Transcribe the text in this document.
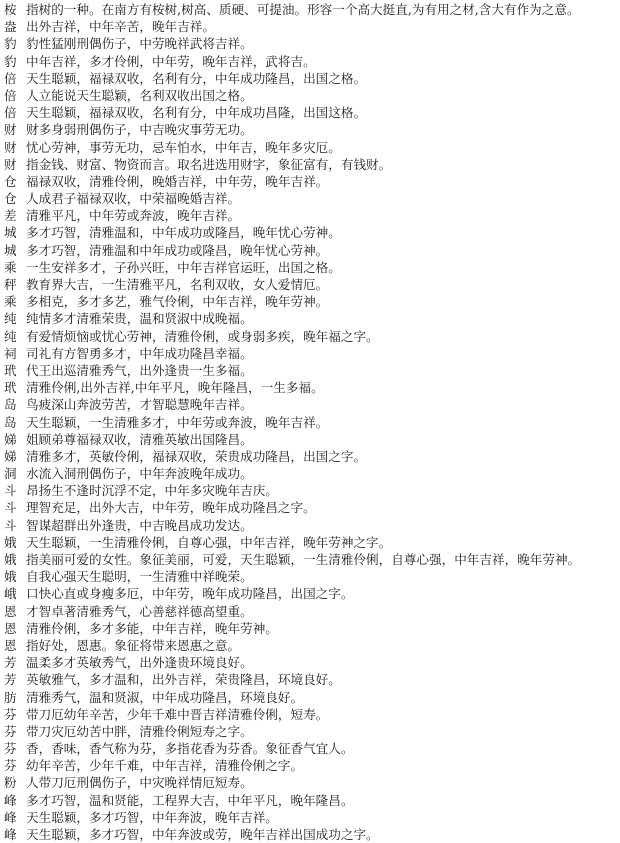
桉 指树的一种。在南方有桉树,树高、质硬、可提油。形容一个高大挺直,为有用之材,含大有作为之意。
盎 出外吉祥，中年辛苦，晚年吉祥。
豹 豹性猛刚刑偶伤子，中劳晚祥武将吉祥。
豹 中年吉祥，多才伶俐，中年劳，晚年吉祥，武将吉。
倍 天生聪颖，福禄双收，名利有分，中年成功隆昌，出国之格。
倍 人立能说天生聪颖，名利双收出国之格。
倍 天生聪颖，福禄双收，名利有分，中年成功昌隆，出国这格。
财 财多身弱刑偶伤子，中吉晚灾事劳无功。
财 忧心劳神，事劳无功，忌车怕水，中年吉，晚年多灾厄。
财 指金钱、财富、物资而言。取名进选用财字，象征富有，有钱财。
仓 福禄双收，清雅伶俐，晚婚吉祥，中年劳，晚年吉祥。
仓 人成君子福禄双收，中荣福晚婚吉祥。
差 清雅平凡，中年劳或奔波，晚年吉祥。
城 多才巧智，清雅温和，中年成功或隆昌，晚年忧心劳神。
城 多才巧智，清雅温和中年成功或隆昌，晚年忧心劳神。
乘 一生安祥多才，子孙兴旺，中年吉祥官运旺，出国之格。
秤 教育界大吉，一生清雅平凡，名利双收，女人爱情厄。
乘 多相克，多才多艺，雅气伶俐，中年吉祥，晚年劳神。
纯 纯情多才清雅荣贵，温和贤淑中成晚福。
纯 有爱情烦恼或忧心劳神，清雅伶俐，或身弱多疾，晚年福之字。
祠 司礼有方智勇多才，中年成功隆昌幸福。
玳 代王出巡清雅秀气，出外逢贵一生多福。
玳 清雅伶俐,出外吉祥,中年平凡，晚年隆昌，一生多福。
岛 鸟疲深山奔波劳苦，才智聪慧晚年吉祥。
岛 天生聪颖，一生清雅多才，中年劳或奔波，晚年吉祥。
娣 姐顾弟尊福禄双收，清雅英敏出国隆昌。
娣 清雅多才，英敏伶俐，福禄双收，荣贵成功隆昌，出国之字。
洞 水流入洞刑偶伤子，中年奔波晚年成功。
斗 昂扬生不逢时沉浮不定，中年多灾晚年吉庆。
斗 理智充足，出外大吉，中年劳，晚年成功隆昌之字。
斗 智谋超群出外逢贵，中吉晚昌成功发达。
娥 天生聪颖，一生清雅伶俐，自尊心强，中年吉祥，晚年劳神之字。
娥 指美丽可爱的女性。象征美丽，可爱，天生聪颖，一生清雅伶俐，自尊心强，中年吉祥，晚年劳神。
娥 自我心强天生聪明，一生清雅中祥晚荣。
峨 口快心直或身瘦多厄，中年劳，晚年成功隆昌，出国之字。
恩 才智卓著清雅秀气，心善慈祥德高望重。
恩 清雅伶俐，多才多能，中年吉祥，晚年劳神。
恩 指好处，恩惠。象征将带来恩惠之意。
芳 温柔多才英敏秀气，出外逢贵环境良好。
芳 英敏雅气，多才温和，出外吉祥，荣贵隆昌，环境良好。
肪 清雅秀气，温和贤淑，中年成功隆昌，环境良好。
芬 带刀厄幼年辛苦，少年千难中晋吉祥清雅伶俐，短寿。
芬 带刀灾厄幼苦中胖，清雅伶俐短寿之字。
芬 香，香味，香气称为芬，多指花香为芬香。象征香气宜人。
芬 幼年辛苦，少年千难，中年吉祥，清雅伶俐之字。
粉 人带刀厄刑偶伤子，中灾晚祥情厄短寿。
峰 多才巧智，温和贤能，工程界大吉，中年平凡，晚年隆昌。
峰 天生聪颖，多才巧智，中年奔波，晚年吉祥。
峰 天生聪颖，多才巧智，中年奔波或劳，晚年吉祥出国成功之字。
